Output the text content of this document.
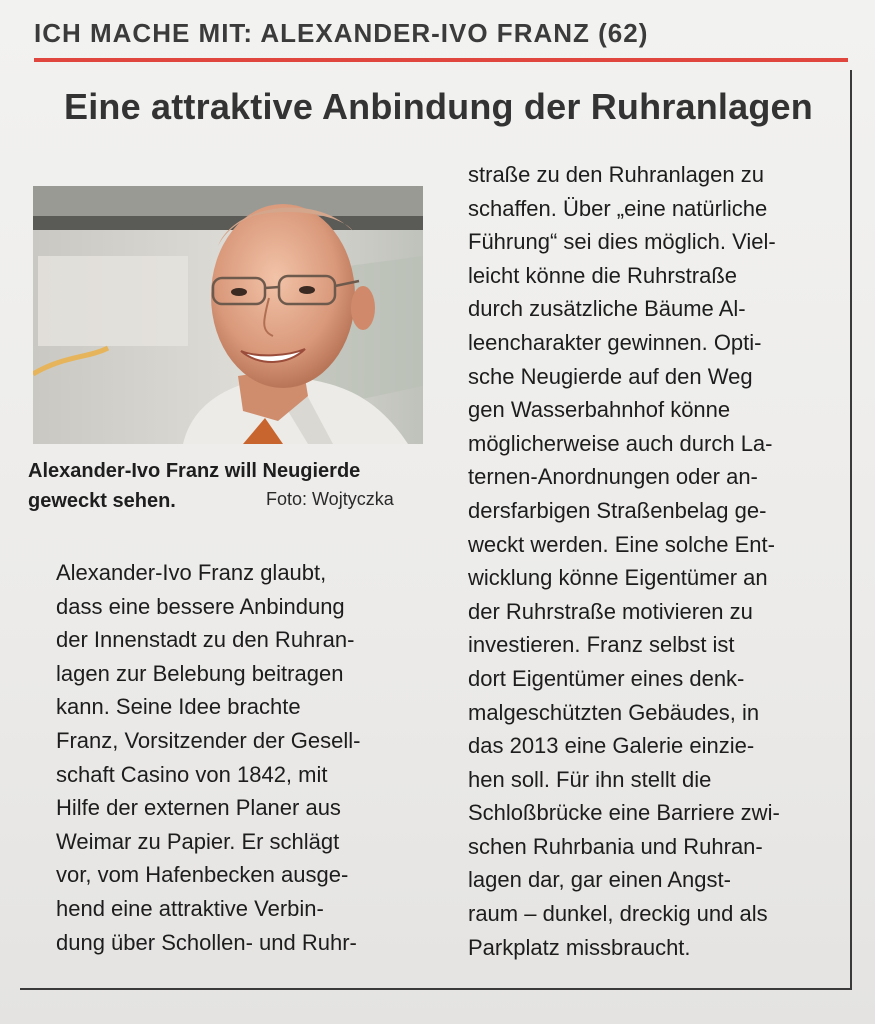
ICH MACHE MIT: ALEXANDER-IVO FRANZ (62)
Eine attraktive Anbindung der Ruhranlagen
Alexander-Ivo Franz will Neugierde
geweckt sehen.	Foto: Wojtyczka
Alexander-Ivo Franz glaubt,
dass eine bessere Anbindung
der Innenstadt zu den Ruhran-
lagen zur Belebung beitragen
kann. Seine Idee brachte
Franz, Vorsitzender der Gesell-
schaft Casino von 1842, mit
Hilfe der externen Planer aus
Weimar zu Papier. Er schlägt
vor, vom Hafenbecken ausge-
hend eine attraktive Verbin-
dung über Schollen- und Ruhr-
straße zu den Ruhranlagen zu
schaffen. Über „eine natürliche
Führung“ sei dies möglich. Viel-
leicht könne die Ruhrstraße
durch zusätzliche Bäume Al-
leencharakter gewinnen. Opti-
sche Neugierde auf den Weg
gen Wasserbahnhof könne
möglicherweise auch durch La-
ternen-Anordnungen oder an-
dersfarbigen Straßenbelag ge-
weckt werden. Eine solche Ent-
wicklung könne Eigentümer an
der Ruhrstraße motivieren zu
investieren. Franz selbst ist
dort Eigentümer eines denk-
malgeschützten Gebäudes, in
das 2013 eine Galerie einzie-
hen soll. Für ihn stellt die
Schloßbrücke eine Barriere zwi-
schen Ruhrbania und Ruhran-
lagen dar, gar einen Angst-
raum – dunkel, dreckig und als
Parkplatz missbraucht.
